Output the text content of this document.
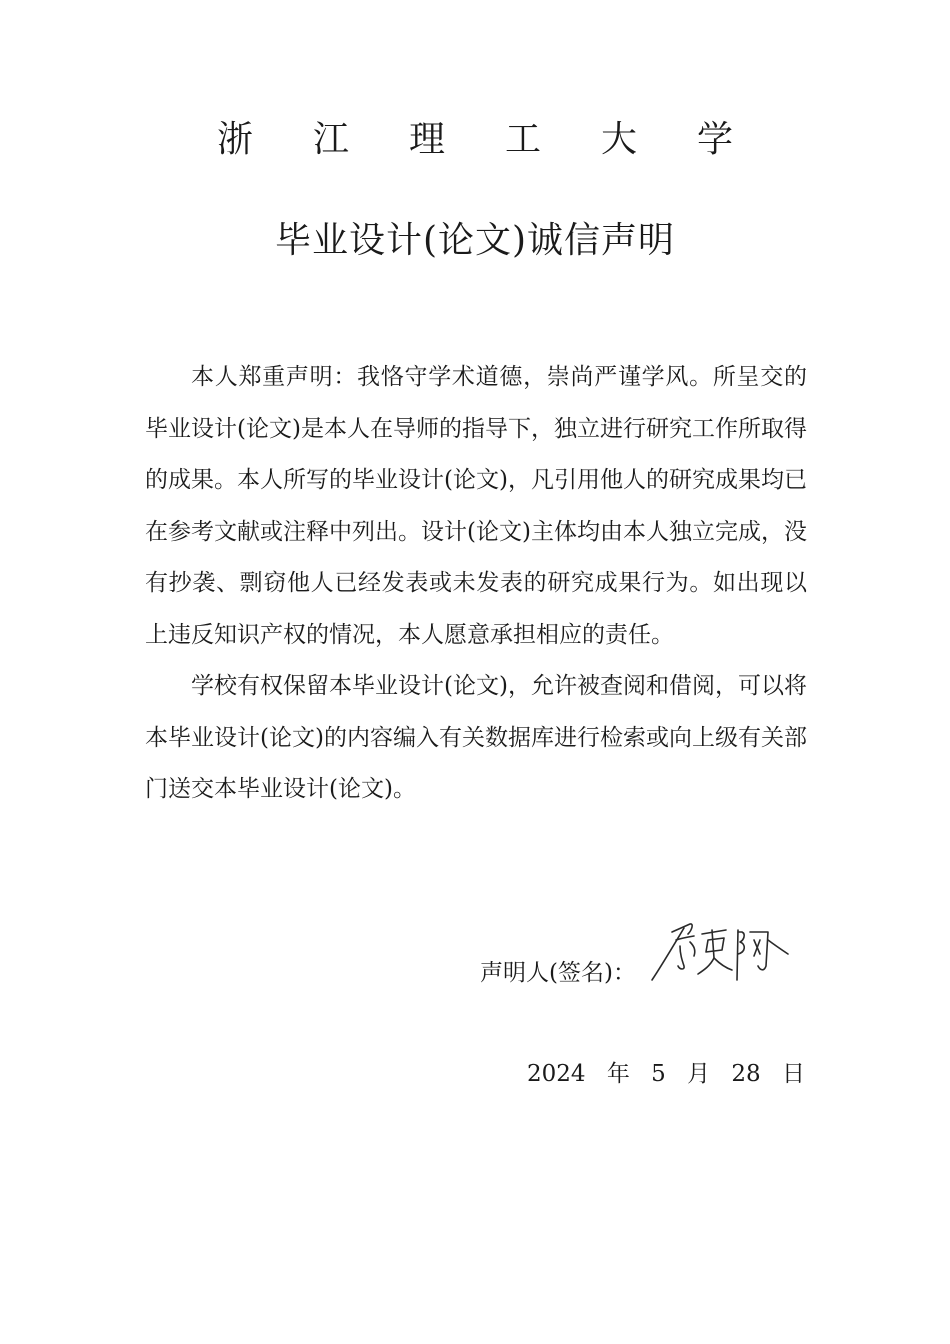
浙 江 理 工 大 学
毕业设计(论文)诚信声明

本人郑重声明：我恪守学术道德，崇尚严谨学风。所呈交的毕业设计(论文)是本人在导师的指导下，独立进行研究工作所取得的成果。本人所写的毕业设计(论文)，凡引用他人的研究成果均已在参考文献或注释中列出。设计(论文)主体均由本人独立完成，没有抄袭、剽窃他人已经发表或未发表的研究成果行为。如出现以上违反知识产权的情况，本人愿意承担相应的责任。

学校有权保留本毕业设计(论文)，允许被查阅和借阅，可以将本毕业设计(论文)的内容编入有关数据库进行检索或向上级有关部门送交本毕业设计(论文)。

声明人(签名)：
2024 年 5 月 28 日
